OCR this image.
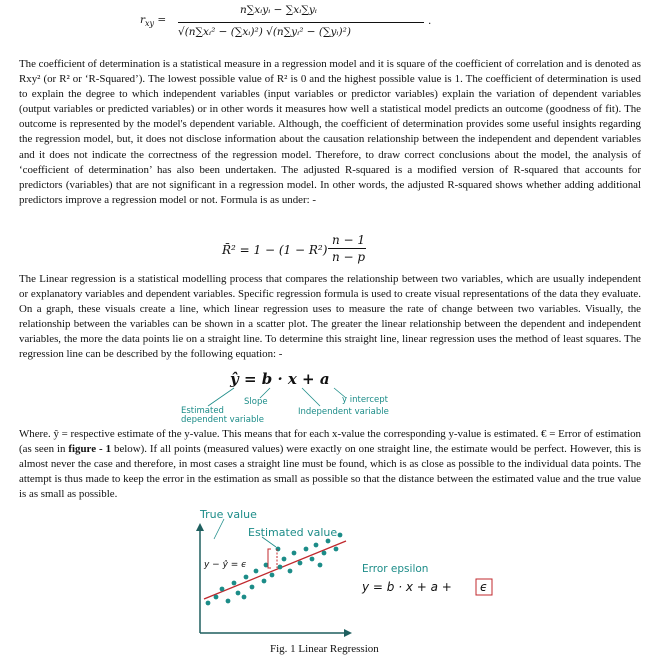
$r_{xy}$ =
n∑xᵢyᵢ − ∑xᵢ∑yᵢ
√(n∑xᵢ² − (∑xᵢ)²) √(n∑yᵢ² − (∑yᵢ)²)
.

The coefficient of determination is a statistical measure in a regression model and it is square of the coefficient of correlation and is denoted as Rxy² (or R² or ‘R-Squared’). The lowest possible value of R² is 0 and the highest possible value is 1. The coefficient of determination is used to explain the degree to which independent variables (input variables or predictor variables) explain the variation of dependent variables (output variables or predicted variables) or in other words it measures how well a statistical model predicts an outcome (goodness of fit). The outcome is represented by the model's dependent variable. Although, the coefficient of determination provides some useful insights regarding the regression model, but, it does not disclose information about the causation relationship between the independent and dependent variables and it does not indicate the correctness of the regression model. Therefore, to draw correct conclusions about the model, the analysis of ‘coefficient of determination’ has also been undertaken. The adjusted R-squared is a modified version of R-squared that accounts for predictors (variables) that are not significant in a regression model. In other words, the adjusted R-squared shows whether adding additional predictors improve a regression model or not. Formula is as under: -

R̄² = 1 − (1 − R²)
n − 1
n − p

The Linear regression is a statistical modelling process that compares the relationship between two variables, which are usually independent or explanatory variables and dependent variables. Specific regression formula is used to create visual representations of the data they evaluate. On a graph, these visuals create a line, which linear regression uses to measure the rate of change between two variables. Visually, the relationship between the variables can be shown in a scatter plot. The greater the linear relationship between the dependent and independent variables, the more the data points lie on a straight line. To determine this straight line, linear regression uses the method of least squares. The regression line can be described by the following equation: -

ŷ = b · x + a
Slope	y intercept
Estimated
dependent variable
Independent variable

Where. ŷ = respective estimate of the y-value. This means that for each x-value the corresponding y-value is estimated. € = Error of estimation (as seen in figure - 1 below). If all points (measured values) were exactly on one straight line, the estimate would be perfect. However, this is almost never the case and therefore, in most cases a straight line must be found, which is as close as possible to the individual data points. The attempt is thus made to keep the error in the estimation as small as possible so that the distance between the estimated value and the true value is as small as possible.

True value
Estimated value
y − ŷ = ϵ	Error epsilon
y = b · x + a + ϵ
Fig. 1 Linear Regression
